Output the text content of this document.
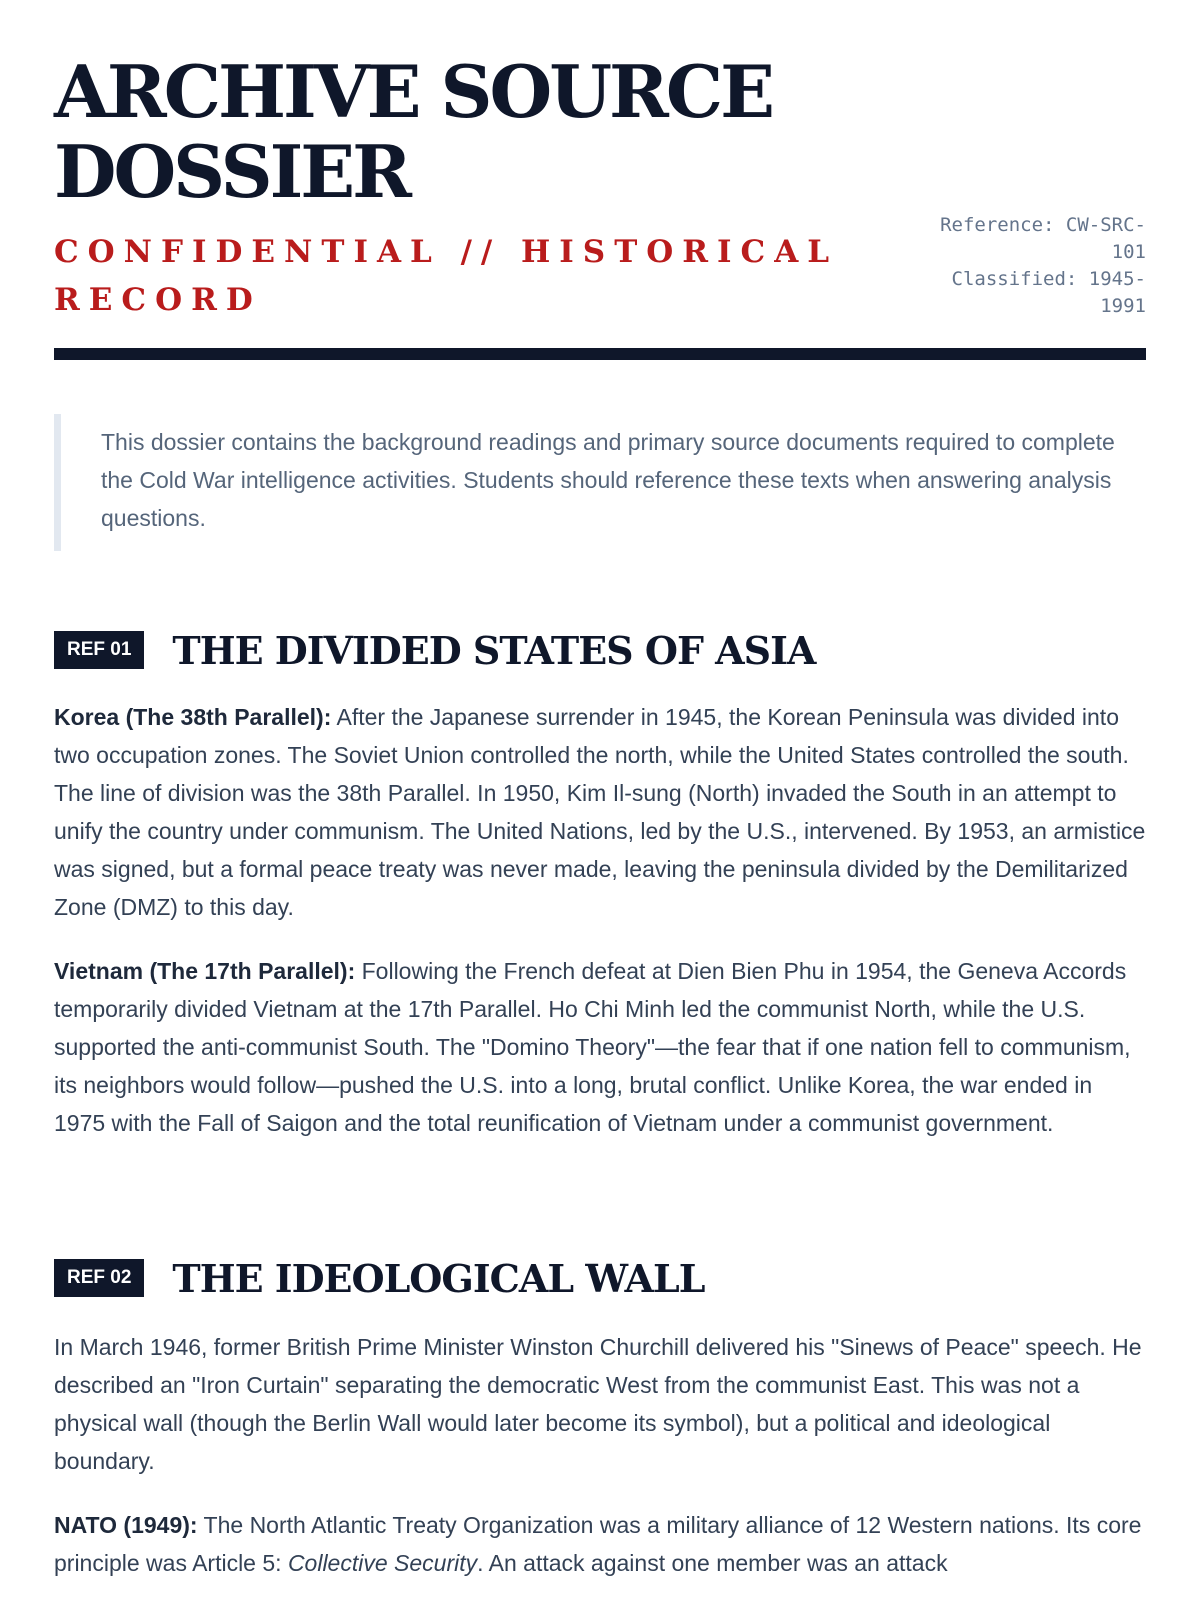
ARCHIVE SOURCE DOSSIER
CONFIDENTIAL // HISTORICAL RECORD
Reference: CW-SRC-101
Classified: 1945-1991
This dossier contains the background readings and primary source documents required to complete the Cold War intelligence activities. Students should reference these texts when answering analysis questions.
REF 01	THE DIVIDED STATES OF ASIA

Korea (The 38th Parallel): After the Japanese surrender in 1945, the Korean Peninsula was divided into two occupation zones. The Soviet Union controlled the north, while the United States controlled the south. The line of division was the 38th Parallel. In 1950, Kim Il-sung (North) invaded the South in an attempt to unify the country under communism. The United Nations, led by the U.S., intervened. By 1953, an armistice was signed, but a formal peace treaty was never made, leaving the peninsula divided by the Demilitarized Zone (DMZ) to this day.

Vietnam (The 17th Parallel): Following the French defeat at Dien Bien Phu in 1954, the Geneva Accords temporarily divided Vietnam at the 17th Parallel. Ho Chi Minh led the communist North, while the U.S. supported the anti-communist South. The "Domino Theory"—the fear that if one nation fell to communism, its neighbors would follow—pushed the U.S. into a long, brutal conflict. Unlike Korea, the war ended in 1975 with the Fall of Saigon and the total reunification of Vietnam under a communist government.

REF 02	THE IDEOLOGICAL WALL

In March 1946, former British Prime Minister Winston Churchill delivered his "Sinews of Peace" speech. He described an "Iron Curtain" separating the democratic West from the communist East. This was not a physical wall (though the Berlin Wall would later become its symbol), but a political and ideological boundary.

NATO (1949): The North Atlantic Treaty Organization was a military alliance of 12 Western nations. Its core principle was Article 5: Collective Security. An attack against one member was an attack
